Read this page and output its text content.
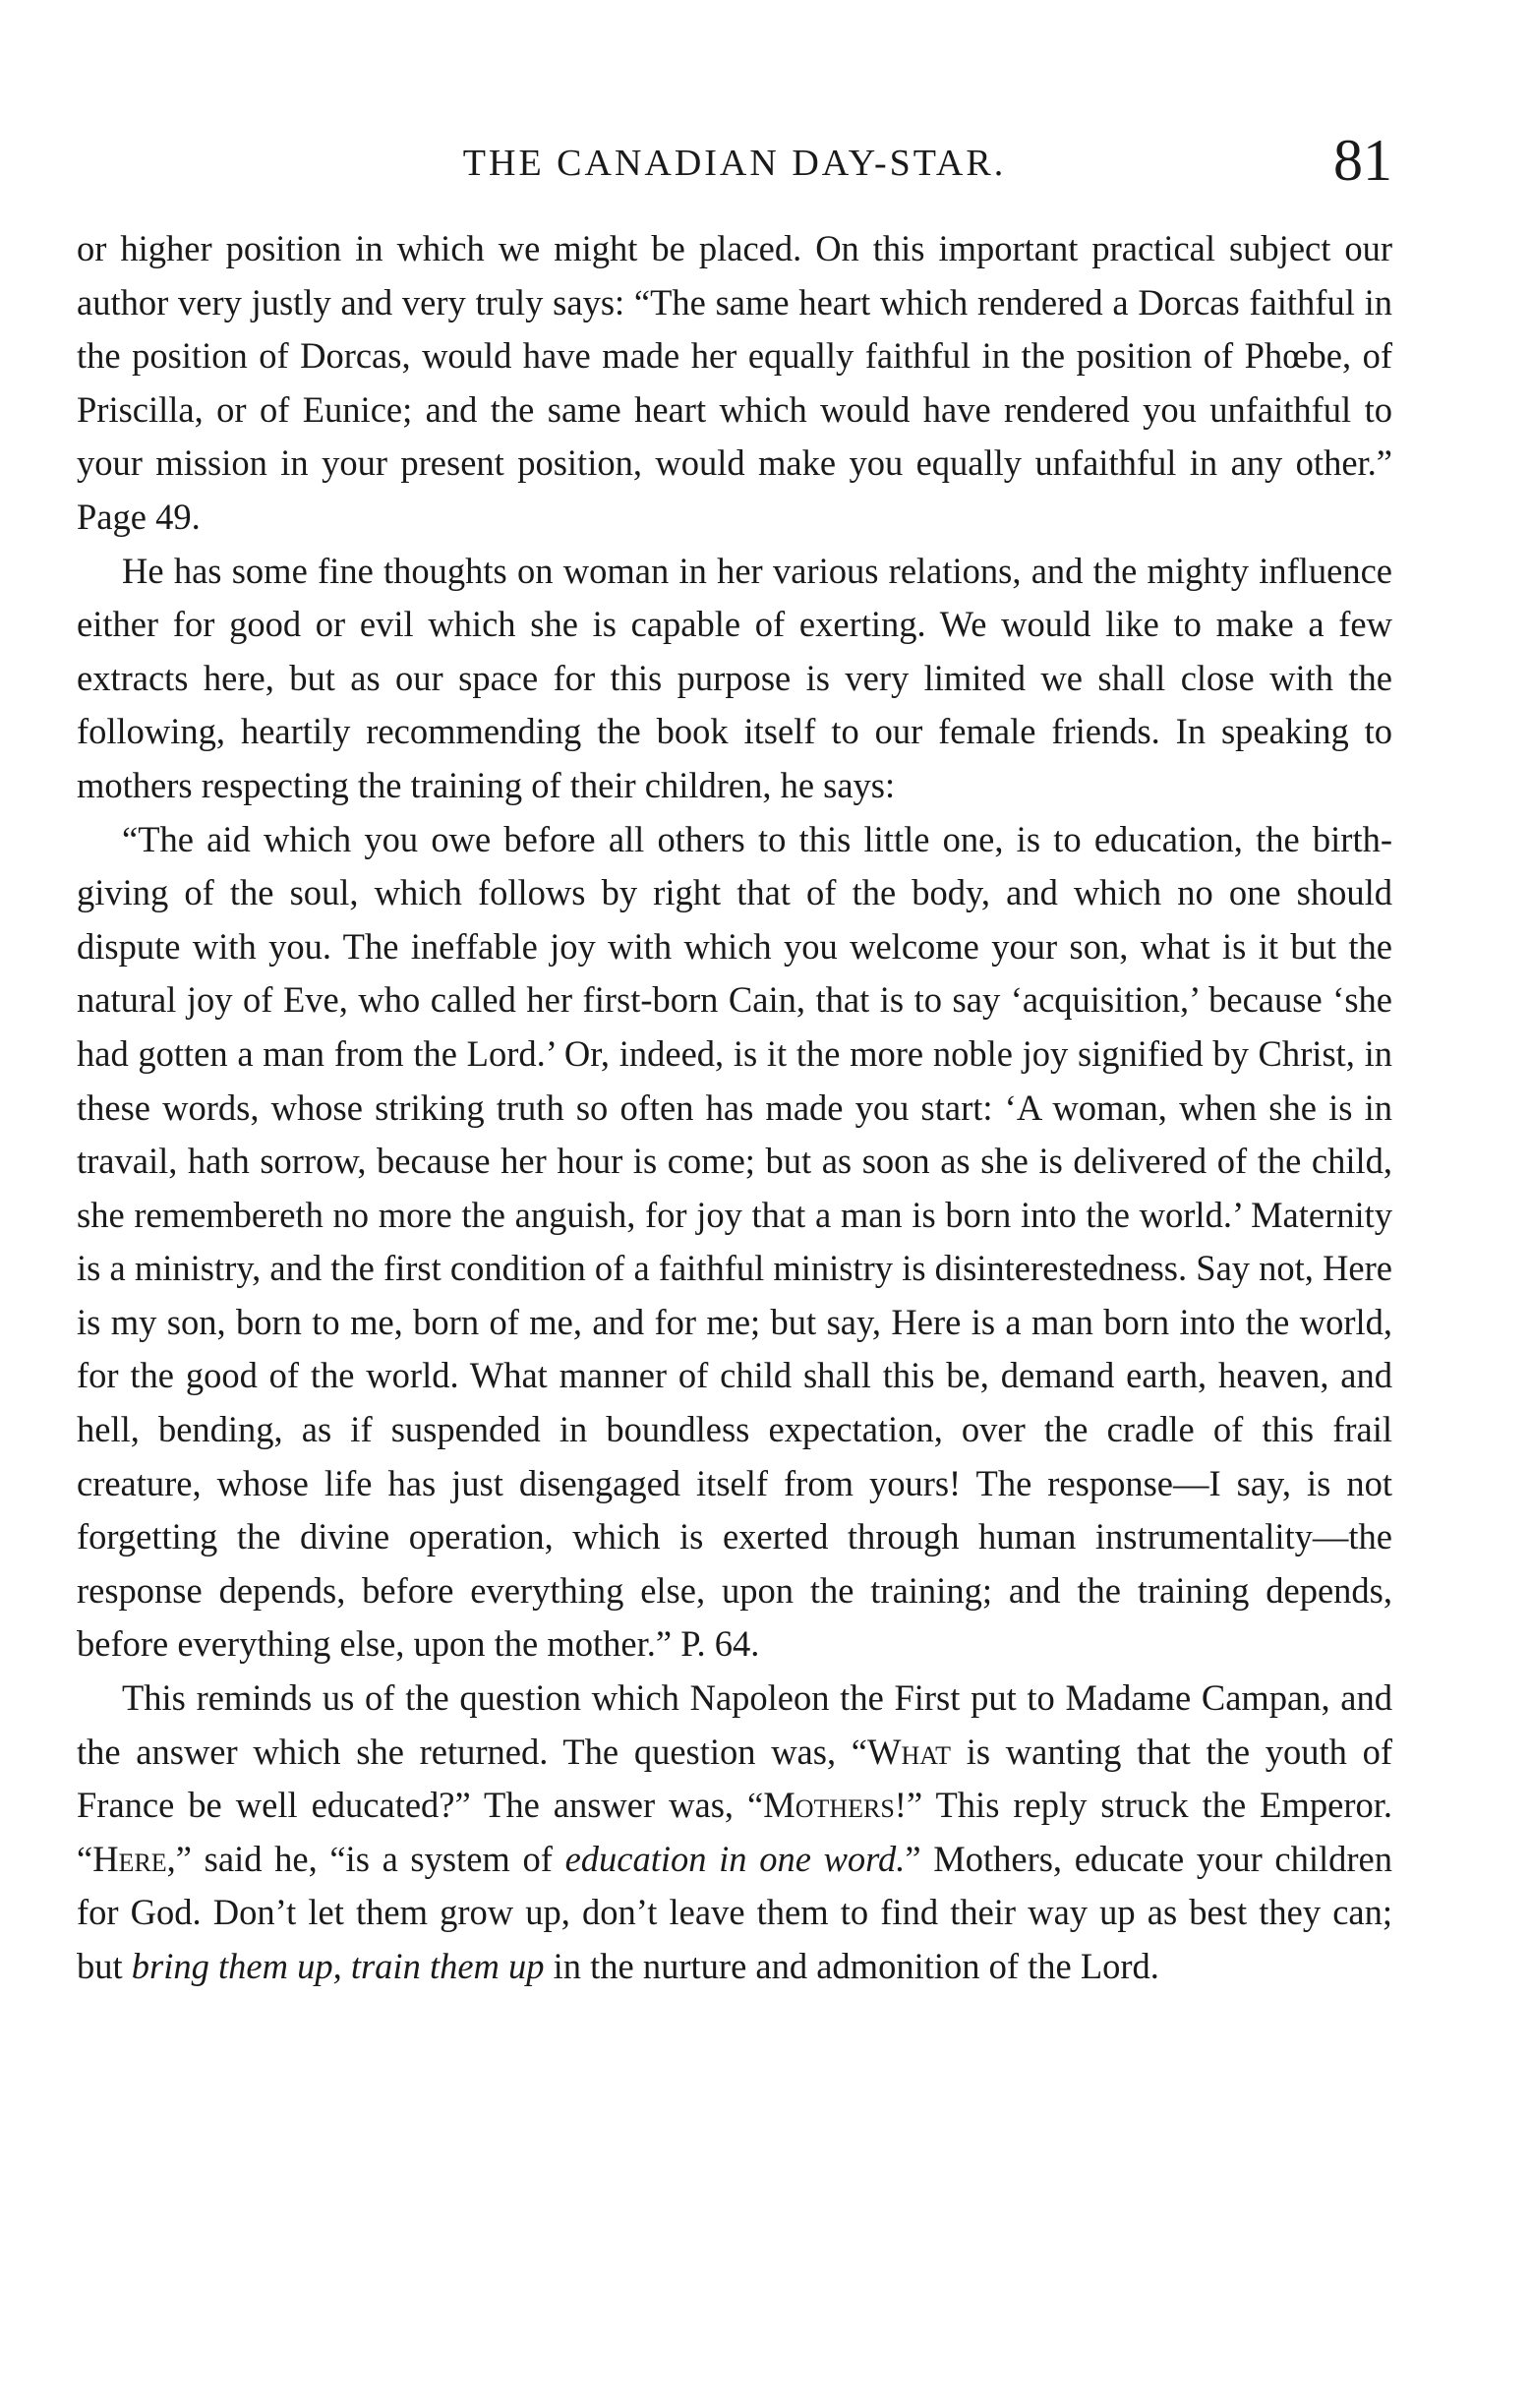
THE CANADIAN DAY-STAR.	81

or higher position in which we might be placed. On this important practical subject our author very justly and very truly says: “The same heart which rendered a Dorcas faithful in the position of Dorcas, would have made her equally faithful in the position of Phœbe, of Priscilla, or of Eunice; and the same heart which would have rendered you unfaithful to your mission in your present position, would make you equally unfaithful in any other.” Page 49.

He has some fine thoughts on woman in her various relations, and the mighty influence either for good or evil which she is capable of exerting. We would like to make a few extracts here, but as our space for this purpose is very limited we shall close with the following, heartily recommending the book itself to our female friends. In speaking to mothers respecting the training of their children, he says:

“The aid which you owe before all others to this little one, is to education, the birth-giving of the soul, which follows by right that of the body, and which no one should dispute with you. The ineffable joy with which you welcome your son, what is it but the natural joy of Eve, who called her first-born Cain, that is to say ‘acquisition,’ because ‘she had gotten a man from the Lord.’ Or, indeed, is it the more noble joy signified by Christ, in these words, whose striking truth so often has made you start: ‘A woman, when she is in travail, hath sorrow, because her hour is come; but as soon as she is delivered of the child, she remembereth no more the anguish, for joy that a man is born into the world.’ Maternity is a ministry, and the first condition of a faithful ministry is disinterestedness. Say not, Here is my son, born to me, born of me, and for me; but say, Here is a man born into the world, for the good of the world. What manner of child shall this be, demand earth, heaven, and hell, bending, as if suspended in boundless expectation, over the cradle of this frail creature, whose life has just disengaged itself from yours! The response—I say, is not forgetting the divine operation, which is exerted through human instrumentality—the response depends, before everything else, upon the training; and the training depends, before everything else, upon the mother.” P. 64.

This reminds us of the question which Napoleon the First put to Madame Campan, and the answer which she returned. The question was, “What is wanting that the youth of France be well educated?” The answer was, “Mothers!” This reply struck the Emperor. “Here,” said he, “is a system of education in one word.” Mothers, educate your children for God. Don’t let them grow up, don’t leave them to find their way up as best they can; but bring them up, train them up in the nurture and admonition of the Lord.
